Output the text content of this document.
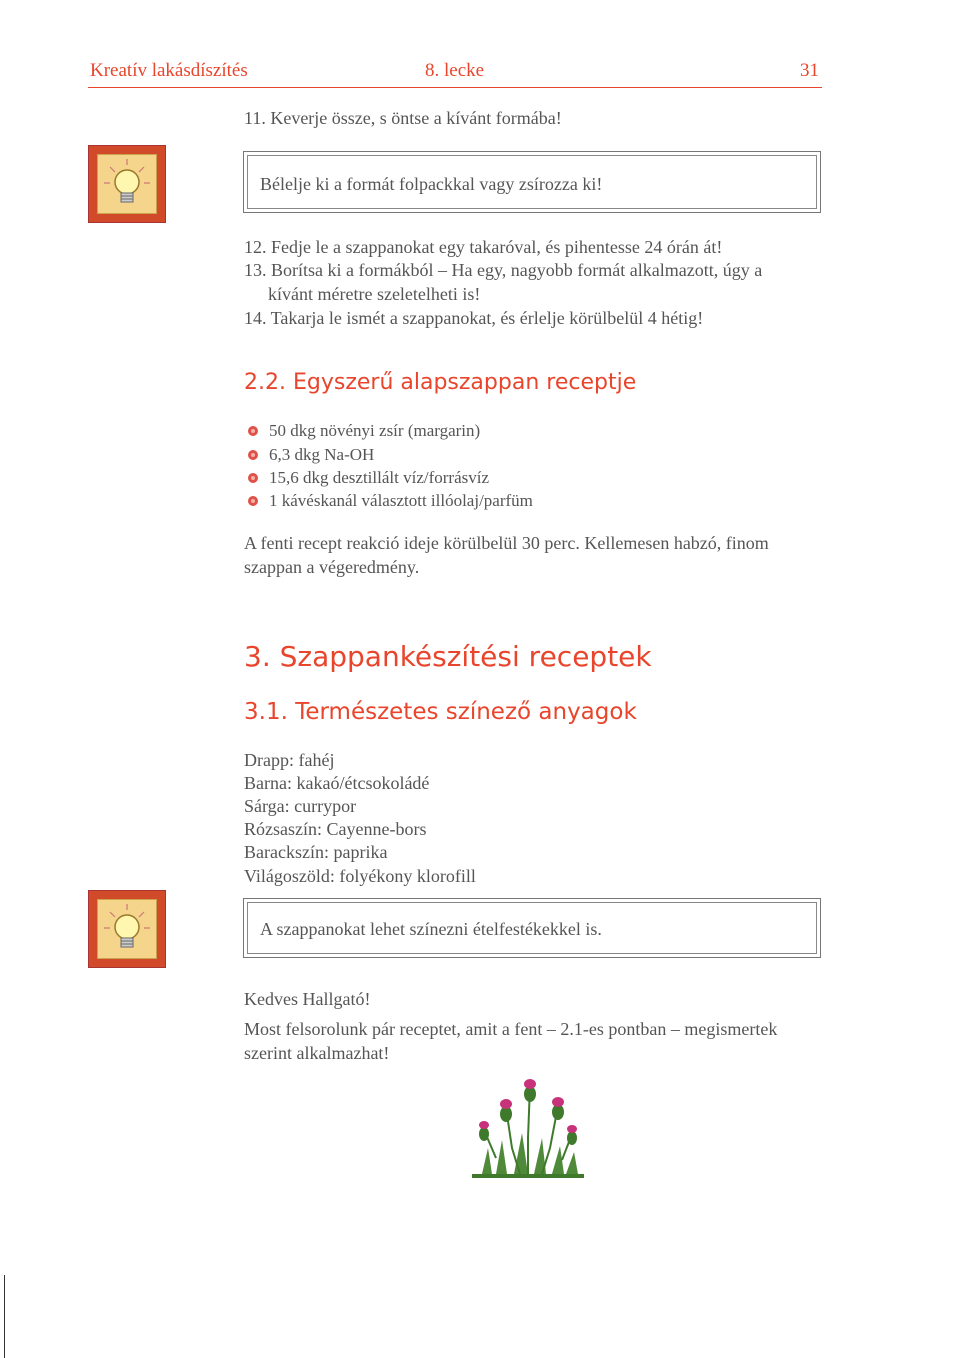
Kreatív lakásdíszítés	8. lecke	31
11. Keverje össze, s öntse a kívánt formába!
Bélelje ki a formát folpackkal vagy zsírozza ki!
12. Fedje le a szappanokat egy takaróval, és pihentesse 24 órán át!
13. Borítsa ki a formákból – Ha egy, nagyobb formát alkalmazott, úgy a
kívánt méretre szeletelheti is!
14. Takarja le ismét a szappanokat, és érlelje körülbelül 4 hétig!
2.2. Egyszerű alapszappan receptje
50 dkg növényi zsír (margarin)
6,3 dkg Na-OH
15,6 dkg desztillált víz/forrásvíz
1 kávéskanál választott illóolaj/parfüm
A fenti recept reakció ideje körülbelül 30 perc. Kellemesen habzó, finom
szappan a végeredmény.
3. Szappankészítési receptek
3.1. Természetes színező anyagok
Drapp: fahéj
Barna: kakaó/étcsokoládé
Sárga: currypor
Rózsaszín: Cayenne-bors
Barackszín: paprika
Világoszöld: folyékony klorofill
A szappanokat lehet színezni ételfestékekkel is.
Kedves Hallgató!
Most felsorolunk pár receptet, amit a fent – 2.1-es pontban – megismertek
szerint alkalmazhat!
